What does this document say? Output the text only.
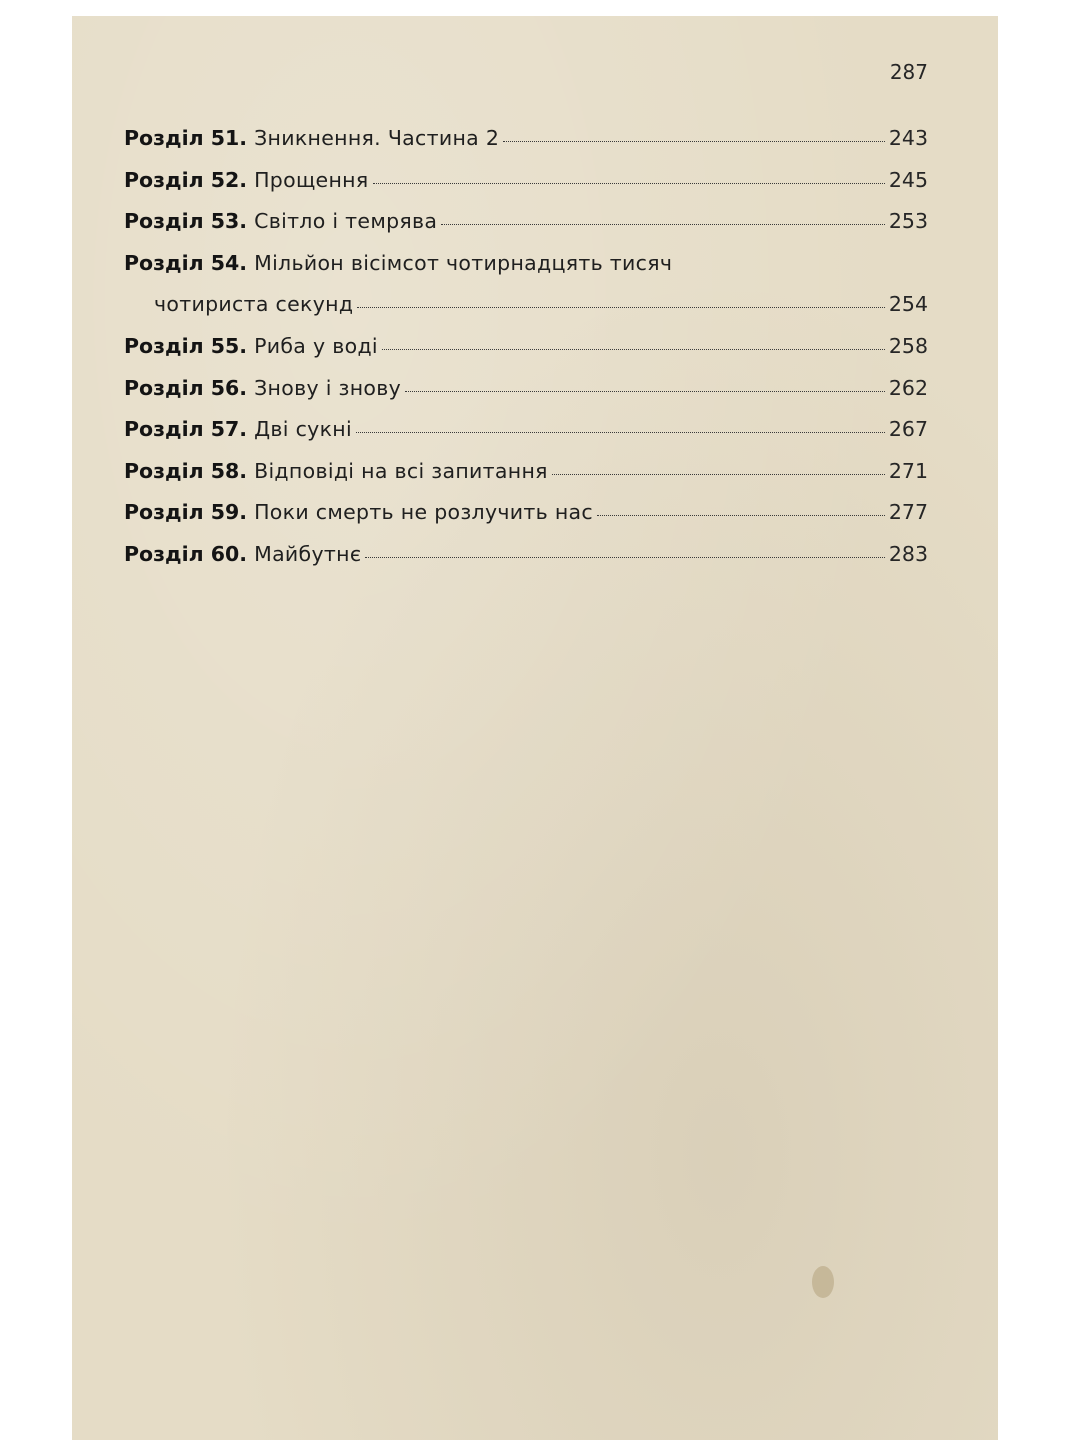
287
Розділ 51. Зникнення. Частина 2	243
Розділ 52. Прощення	245
Розділ 53. Світло і темрява	253
Розділ 54. Мільйон вісімсот чотирнадцять тисяч
чотириста секунд	254
Розділ 55. Риба у воді	258
Розділ 56. Знову і знову	262
Розділ 57. Дві сукні	267
Розділ 58. Відповіді на всі запитання	271
Розділ 59. Поки смерть не розлучить нас	277
Розділ 60. Майбутнє	283
